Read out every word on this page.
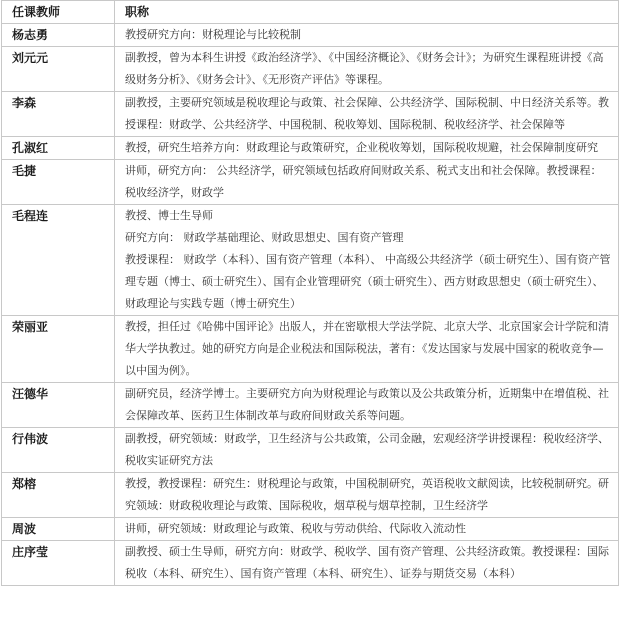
任课教师	职称
杨志勇	教授研究方向：财税理论与比较税制

刘元元	副教授，曾为本科生讲授《政治经济学》、《中国经济概论》、《财务会计》；为研究生课程班讲授《高级财务分析》、《财务会计》、《无形资产评估》等课程。

李森	副教授，主要研究领域是税收理论与政策、社会保障、公共经济学、国际税制、中日经济关系等。教授课程：财政学、公共经济学、中国税制、税收筹划、国际税制、税收经济学、社会保障等

孔淑红	教授，研究生培养方向：财政理论与政策研究，企业税收筹划，国际税收规避，社会保障制度研究

毛捷	讲师，研究方向： 公共经济学，研究领域包括政府间财政关系、税式支出和社会保障。教授课程： 税收经济学，财政学

毛程连	教授、博士生导师
研究方向： 财政学基础理论、财政思想史、国有资产管理
教授课程： 财政学（本科）、国有资产管理（本科）、 中高级公共经济学（硕士研究生）、国有资产管理专题（博士、硕士研究生）、国有企业管理研究（硕士研究生）、西方财政思想史（硕士研究生）、财政理论与实践专题（博士研究生）

荣丽亚	教授，担任过《哈佛中国评论》出版人，并在密歇根大学法学院、北京大学、北京国家会计学院和清华大学执教过。她的研究方向是企业税法和国际税法，著有：《发达国家与发展中国家的税收竞争—以中国为例》。

汪德华	副研究员，经济学博士。主要研究方向为财税理论与政策以及公共政策分析，近期集中在增值税、社会保障改革、医药卫生体制改革与政府间财政关系等问题。

行伟波	副教授，研究领域：财政学，卫生经济与公共政策，公司金融，宏观经济学讲授课程：税收经济学、税收实证研究方法

郑榕	教授，教授课程：研究生：财税理论与政策，中国税制研究，英语税收文献阅读，比较税制研究。研究领域：财政税收理论与政策、国际税收，烟草税与烟草控制，卫生经济学

周波	讲师，研究领域：财政理论与政策、税收与劳动供给、代际收入流动性

庄序莹	副教授、硕士生导师，研究方向：财政学、税收学、国有资产管理、公共经济政策。教授课程：国际税收（本科、研究生）、国有资产管理（本科、研究生）、证券与期货交易（本科）
